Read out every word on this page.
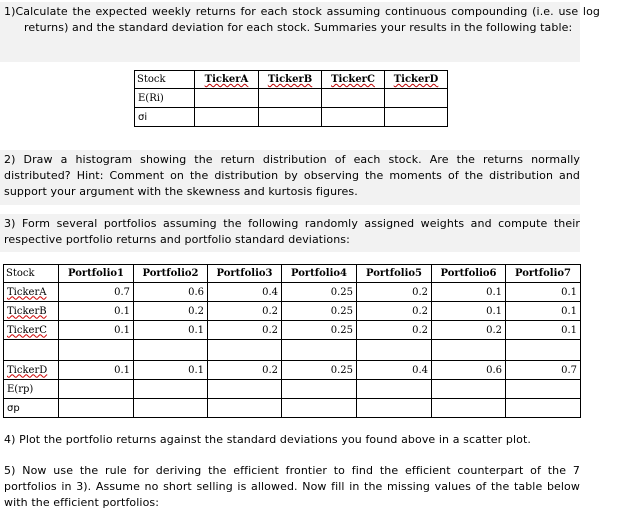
1)Calculate the expected weekly returns for each stock assuming continuous compounding (i.e. use log returns) and the standard deviation for each stock. Summaries your results in the following table:
Stock	TickerA	TickerB	TickerC	TickerD
E(Ri)				
σi				
2) Draw a histogram showing the return distribution of each stock. Are the returns normally distributed? Hint: Comment on the distribution by observing the moments of the distribution and support your argument with the skewness and kurtosis figures.
3) Form several portfolios assuming the following randomly assigned weights and compute their respective portfolio returns and portfolio standard deviations:
Stock	Portfolio1	Portfolio2	Portfolio3	Portfolio4	Portfolio5	Portfolio6	Portfolio7
TickerA	0.7	0.6	0.4	0.25	0.2	0.1	0.1
TickerB	0.1	0.2	0.2	0.25	0.2	0.1	0.1
TickerC	0.1	0.1	0.2	0.25	0.2	0.2	0.1

TickerD	0.1	0.1	0.2	0.25	0.4	0.6	0.7
E(rp)							
σp							
4) Plot the portfolio returns against the standard deviations you found above in a scatter plot.
5) Now use the rule for deriving the efficient frontier to find the efficient counterpart of the 7 portfolios in 3). Assume no short selling is allowed. Now fill in the missing values of the table below with the efficient portfolios:
